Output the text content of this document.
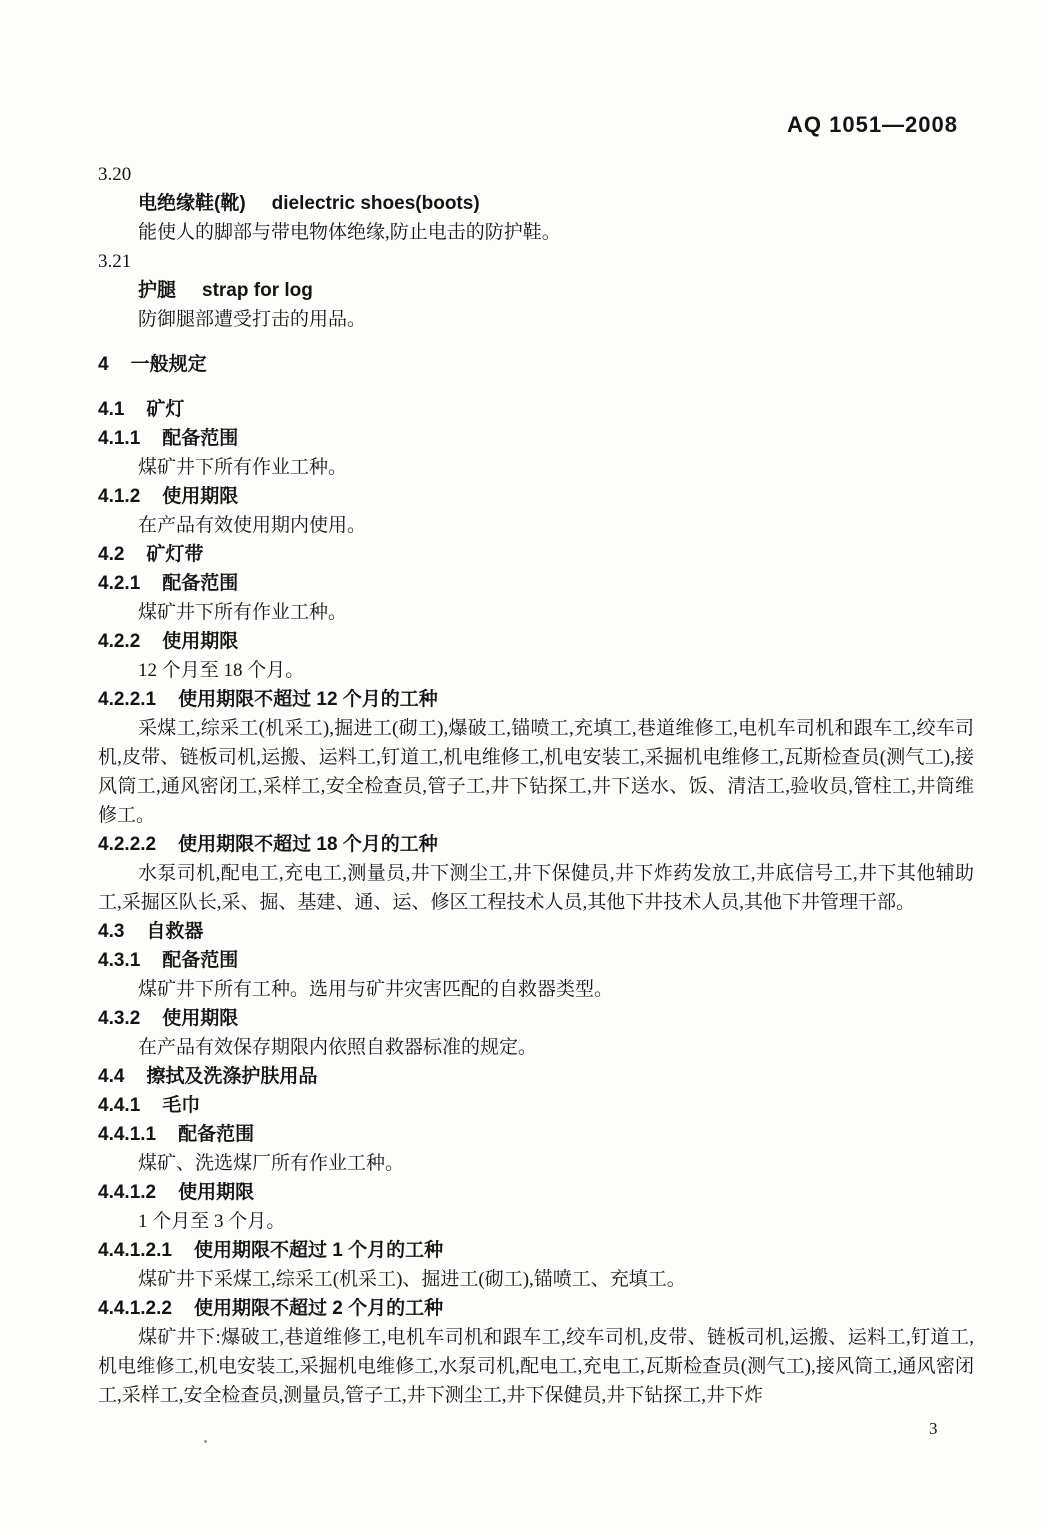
AQ 1051—2008
3.20
电绝缘鞋(靴) dielectric shoes(boots)
能使人的脚部与带电物体绝缘,防止电击的防护鞋。
3.21
护腿 strap for log
防御腿部遭受打击的用品。
4 一般规定
4.1 矿灯
4.1.1 配备范围

煤矿井下所有作业工种。

4.1.2 使用期限

在产品有效使用期内使用。

4.2 矿灯带
4.2.1 配备范围

煤矿井下所有作业工种。

4.2.2 使用期限

12 个月至 18 个月。

4.2.2.1 使用期限不超过 12 个月的工种

采煤工,综采工(机采工),掘进工(砌工),爆破工,锚喷工,充填工,巷道维修工,电机车司机和跟车工,绞车司机,皮带、链板司机,运搬、运料工,钉道工,机电维修工,机电安装工,采掘机电维修工,瓦斯检查员(测气工),接风筒工,通风密闭工,采样工,安全检查员,管子工,井下钻探工,井下送水、饭、清洁工,验收员,管柱工,井筒维修工。

4.2.2.2 使用期限不超过 18 个月的工种

水泵司机,配电工,充电工,测量员,井下测尘工,井下保健员,井下炸药发放工,井底信号工,井下其他辅助工,采掘区队长,采、掘、基建、通、运、修区工程技术人员,其他下井技术人员,其他下井管理干部。

4.3 自救器
4.3.1 配备范围

煤矿井下所有工种。选用与矿井灾害匹配的自救器类型。

4.3.2 使用期限

在产品有效保存期限内依照自救器标准的规定。

4.4 擦拭及洗涤护肤用品
4.4.1 毛巾
4.4.1.1 配备范围

煤矿、洗选煤厂所有作业工种。

4.4.1.2 使用期限

1 个月至 3 个月。

4.4.1.2.1 使用期限不超过 1 个月的工种

煤矿井下采煤工,综采工(机采工)、掘进工(砌工),锚喷工、充填工。

4.4.1.2.2 使用期限不超过 2 个月的工种

煤矿井下:爆破工,巷道维修工,电机车司机和跟车工,绞车司机,皮带、链板司机,运搬、运料工,钉道工,机电维修工,机电安装工,采掘机电维修工,水泵司机,配电工,充电工,瓦斯检查员(测气工),接风筒工,通风密闭工,采样工,安全检查员,测量员,管子工,井下测尘工,井下保健员,井下钻探工,井下炸

3
